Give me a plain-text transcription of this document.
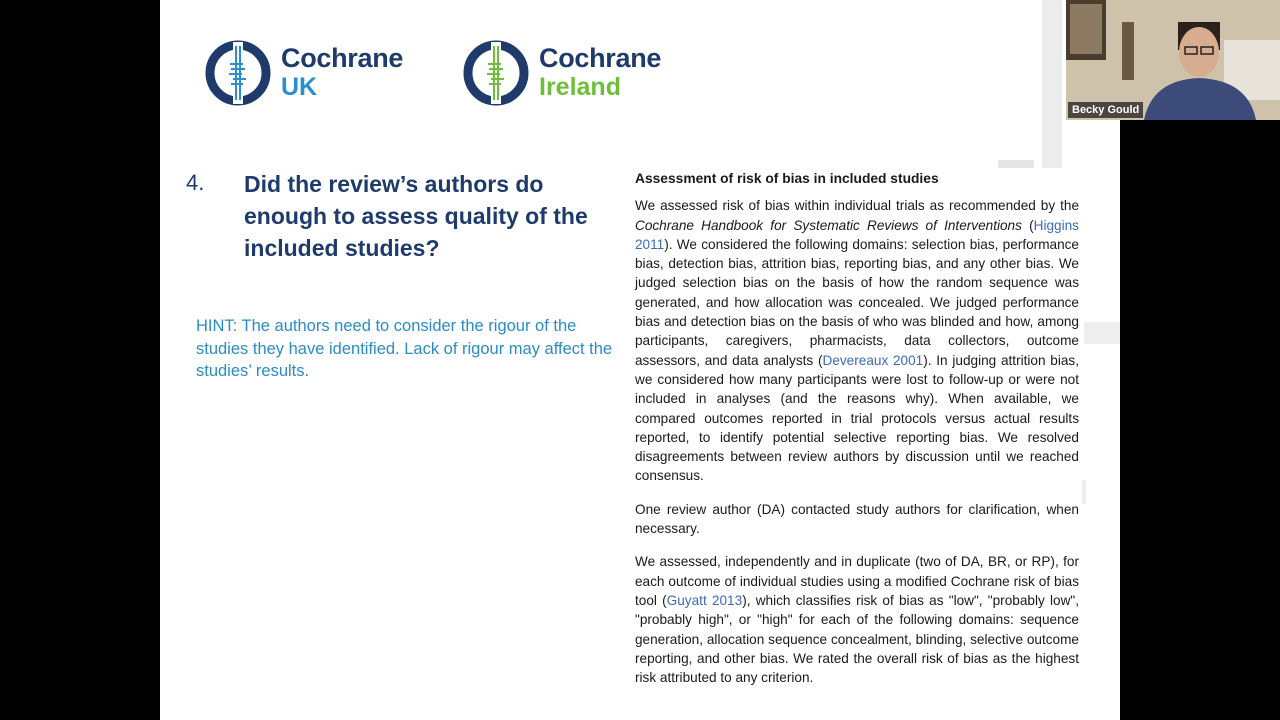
Cochrane
UK
Cochrane
Ireland
4. Did the review’s authors do enough to assess quality of the included studies?
HINT: The authors need to consider the rigour of the studies they have identified. Lack of rigour may affect the studies’ results.
Assessment of risk of bias in included studies

We assessed risk of bias within individual trials as recommended by the Cochrane Handbook for Systematic Reviews of Interventions (Higgins 2011). We considered the following domains: selection bias, performance bias, detection bias, attrition bias, reporting bias, and any other bias. We judged selection bias on the basis of how the random sequence was generated, and how allocation was concealed. We judged performance bias and detection bias on the basis of who was blinded and how, among participants, caregivers, pharmacists, data collectors, outcome assessors, and data analysts (Devereaux 2001). In judging attrition bias, we considered how many participants were lost to follow-up or were not included in analyses (and the reasons why). When available, we compared outcomes reported in trial protocols versus actual results reported, to identify potential selective reporting bias. We resolved disagreements between review authors by discussion until we reached consensus.

One review author (DA) contacted study authors for clarification, when necessary.

We assessed, independently and in duplicate (two of DA, BR, or RP), for each outcome of individual studies using a modified Cochrane risk of bias tool (Guyatt 2013), which classifies risk of bias as "low", "probably low", "probably high", or "high" for each of the following domains: sequence generation, allocation sequence concealment, blinding, selective outcome reporting, and other bias. We rated the overall risk of bias as the highest risk attributed to any criterion.

Becky Gould
